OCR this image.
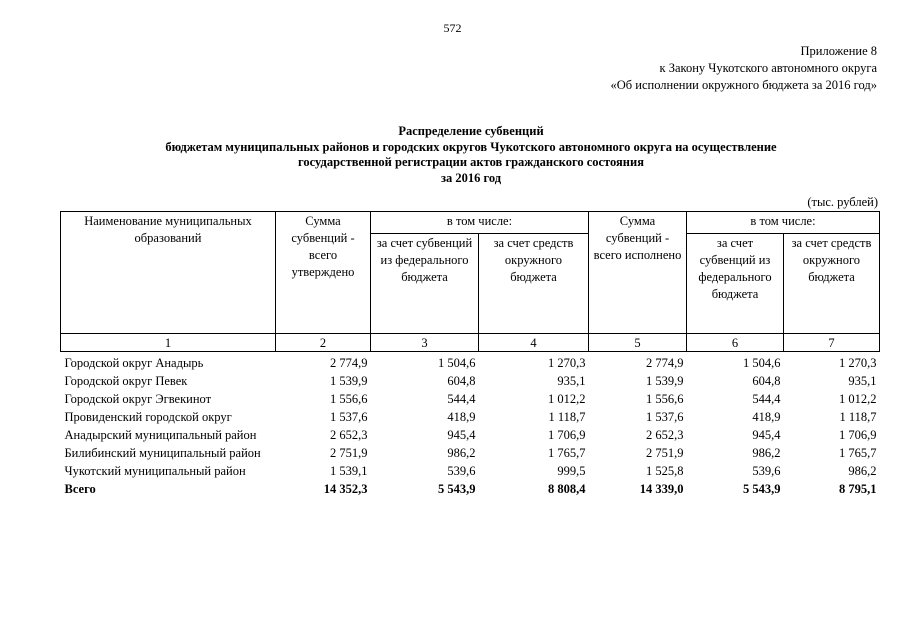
572
Приложение 8
к Закону Чукотского автономного округа
«Об исполнении окружного бюджета за 2016 год»
Распределение субвенций
бюджетам муниципальных районов и городских округов Чукотского автономного округа на осуществление
государственной регистрации актов гражданского состояния
за 2016 год
(тыс. рублей)
Наименование муниципальных образований	Сумма субвенций - всего утверждено	в том числе:		Сумма субвенций - всего исполнено	в том числе:	
		за счет субвенций из федерального бюджета	за счет средств окружного бюджета		за счет субвенций из федерального бюджета	за счет средств окружного бюджета
1	2	3	4	5	6	7
Городской округ Анадырь	2 774,9	1 504,6	1 270,3	2 774,9	1 504,6	1 270,3
Городской округ Певек	1 539,9	604,8	935,1	1 539,9	604,8	935,1
Городской округ Эгвекинот	1 556,6	544,4	1 012,2	1 556,6	544,4	1 012,2
Провиденский городской округ	1 537,6	418,9	1 118,7	1 537,6	418,9	1 118,7
Анадырский муниципальный район	2 652,3	945,4	1 706,9	2 652,3	945,4	1 706,9
Билибинский муниципальный район	2 751,9	986,2	1 765,7	2 751,9	986,2	1 765,7
Чукотский муниципальный район	1 539,1	539,6	999,5	1 525,8	539,6	986,2
Всего	14 352,3	5 543,9	8 808,4	14 339,0	5 543,9	8 795,1
